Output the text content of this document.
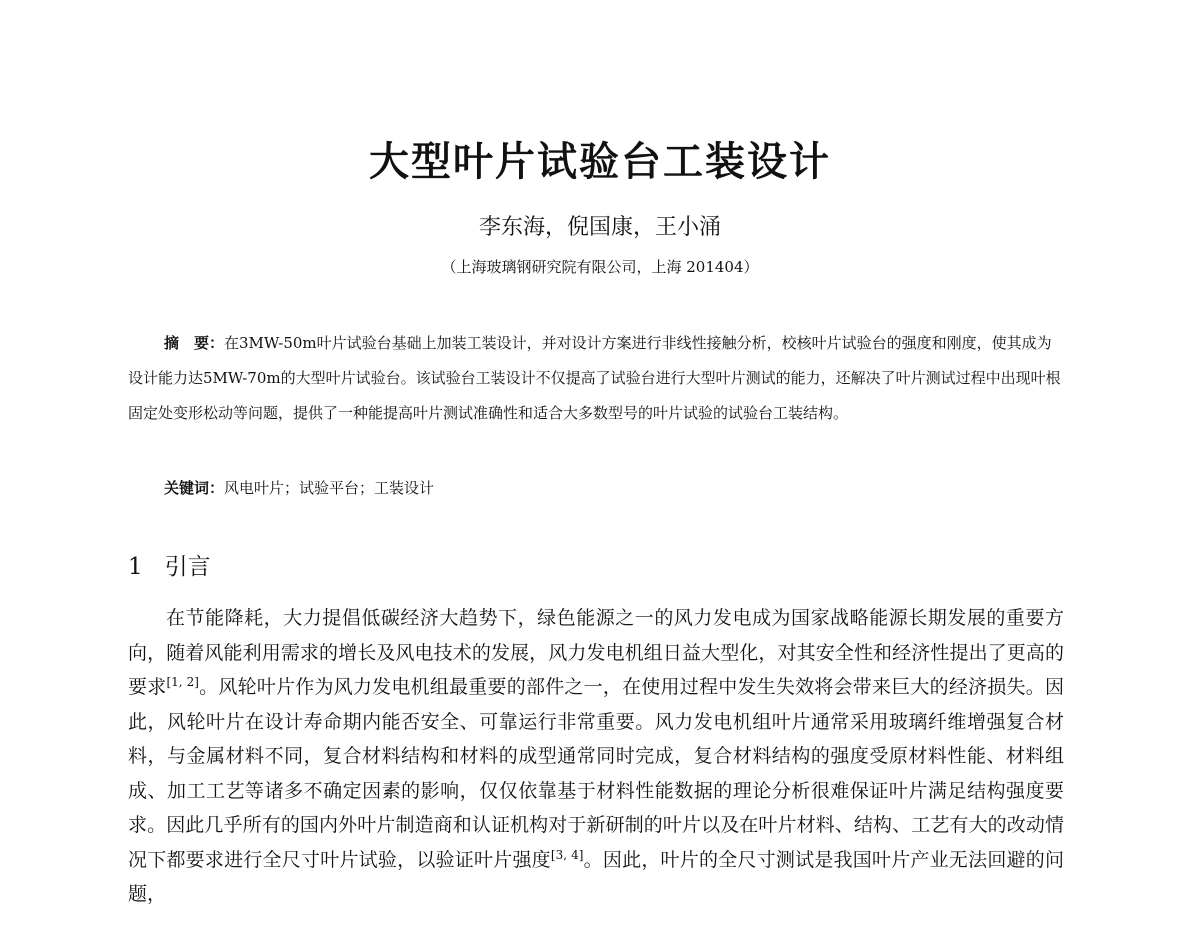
大型叶片试验台工装设计
李东海，倪国康，王小涌
（上海玻璃钢研究院有限公司，上海 201404）
摘　要：在3MW-50m叶片试验台基础上加装工装设计，并对设计方案进行非线性接触分析，校核叶片试验台的强度和刚度，使其成为设计能力达5MW-70m的大型叶片试验台。该试验台工装设计不仅提高了试验台进行大型叶片测试的能力，还解决了叶片测试过程中出现叶根固定处变形松动等问题，提供了一种能提高叶片测试准确性和适合大多数型号的叶片试验的试验台工装结构。
关键词：风电叶片；试验平台；工装设计
1 引言
在节能降耗，大力提倡低碳经济大趋势下，绿色能源之一的风力发电成为国家战略能源长期发展的重要方向，随着风能利用需求的增长及风电技术的发展，风力发电机组日益大型化，对其安全性和经济性提出了更高的要求[1, 2]。风轮叶片作为风力发电机组最重要的部件之一，在使用过程中发生失效将会带来巨大的经济损失。因此，风轮叶片在设计寿命期内能否安全、可靠运行非常重要。风力发电机组叶片通常采用玻璃纤维增强复合材料，与金属材料不同，复合材料结构和材料的成型通常同时完成，复合材料结构的强度受原材料性能、材料组成、加工工艺等诸多不确定因素的影响，仅仅依靠基于材料性能数据的理论分析很难保证叶片满足结构强度要求。因此几乎所有的国内外叶片制造商和认证机构对于新研制的叶片以及在叶片材料、结构、工艺有大的改动情况下都要求进行全尺寸叶片试验，以验证叶片强度[3, 4]。因此，叶片的全尺寸测试是我国叶片产业无法回避的问题，
